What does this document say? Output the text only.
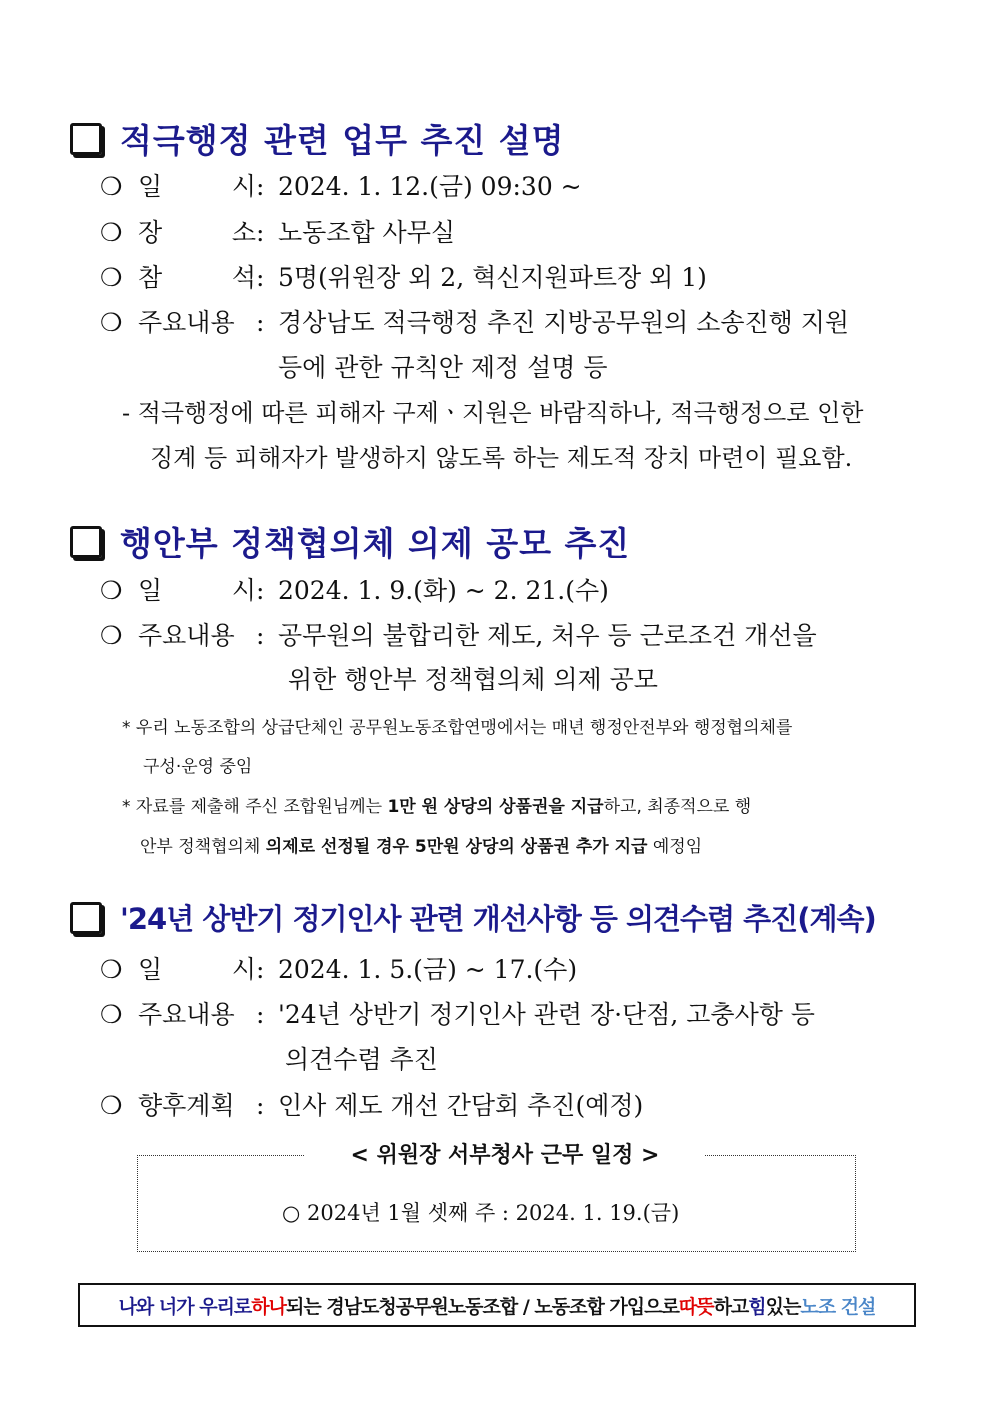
적극행정 관련 업무 추진 설명
❍ 일 시: 2024. 1. 12.(금) 09:30 ~
❍ 장 소: 노동조합 사무실
❍ 참 석: 5명(위원장 외 2, 혁신지원파트장 외 1)
❍ 주요내용 : 경상남도 적극행정 추진 지방공무원의 소송진행 지원
등에 관한 규칙안 제정 설명 등
- 적극행정에 따른 피해자 구제ㆍ지원은 바람직하나, 적극행정으로 인한
징계 등 피해자가 발생하지 않도록 하는 제도적 장치 마련이 필요함.
행안부 정책협의체 의제 공모 추진
❍ 일 시: 2024. 1. 9.(화) ~ 2. 21.(수)
❍ 주요내용 : 공무원의 불합리한 제도, 처우 등 근로조건 개선을
위한 행안부 정책협의체 의제 공모
* 우리 노동조합의 상급단체인 공무원노동조합연맹에서는 매년 행정안전부와 행정협의체를
구성·운영 중임
* 자료를 제출해 주신 조합원님께는 1만 원 상당의 상품권을 지급하고, 최종적으로 행
안부 정책협의체 의제로 선정될 경우 5만원 상당의 상품권 추가 지급 예정임
'24년 상반기 정기인사 관련 개선사항 등 의견수렴 추진(계속)
❍ 일 시: 2024. 1. 5.(금) ~ 17.(수)
❍ 주요내용 : '24년 상반기 정기인사 관련 장·단점, 고충사항 등
의견수렴 추진
❍ 향후계획 : 인사 제도 개선 간담회 추진(예정)
< 위원장 서부청사 근무 일정 >
○ 2024년 1월 셋째 주 : 2024. 1. 19.(금)
나와 너가 우리로 하나 되는 경남도청공무원노동조합 / 노동조합 가입으로 따뜻 하고 힘 있는 노조 건설
